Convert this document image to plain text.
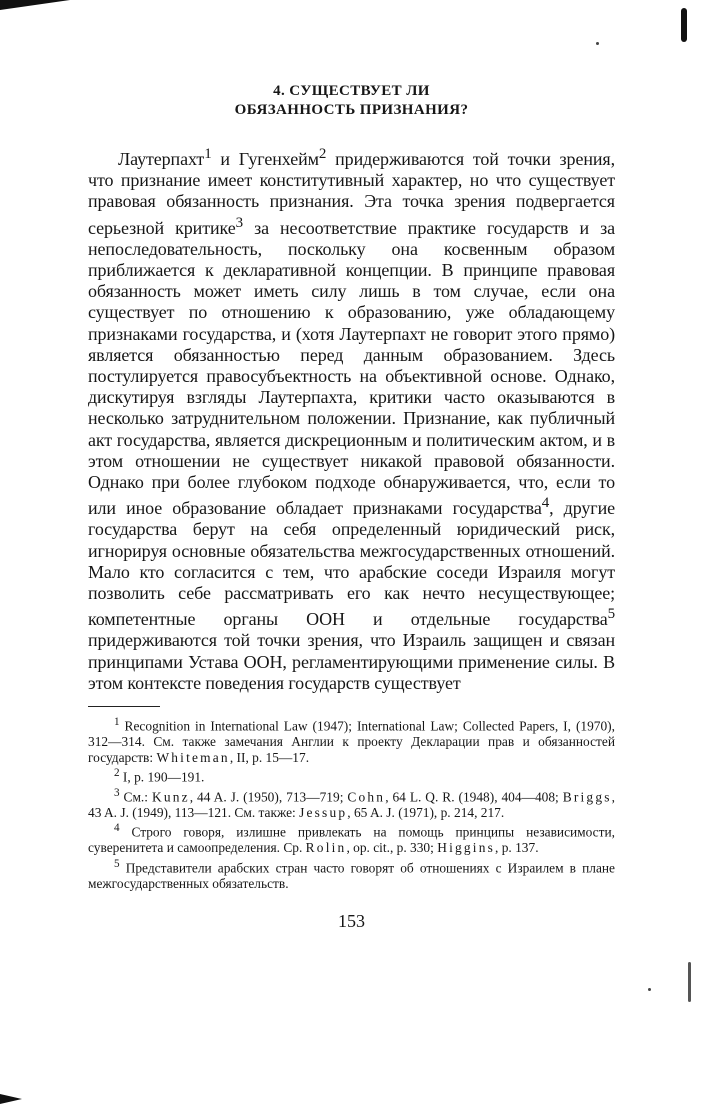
4. СУЩЕСТВУЕТ ЛИ
ОБЯЗАННОСТЬ ПРИЗНАНИЯ?

Лаутерпахт$^1$ и Гугенхейм$^2$ придерживаются той точки зрения, что признание имеет конститутивный характер, но что существует правовая обязанность признания. Эта точка зрения подвергается серьезной критике$^3$ за несоответствие практике государств и за непоследовательность, поскольку она косвенным образом приближается к декларативной концепции. В принципе правовая обязанность может иметь силу лишь в том случае, если она существует по отношению к образованию, уже обладающему признаками государства, и (хотя Лаутерпахт не говорит этого прямо) является обязанностью перед данным образованием. Здесь постулируется правосубъектность на объективной основе. Однако, дискутируя взгляды Лаутерпахта, критики часто оказываются в несколько затруднительном положении. Признание, как публичный акт государства, является дискреционным и политическим актом, и в этом отношении не существует никакой правовой обязанности. Однако при более глубоком подходе обнаруживается, что, если то или иное образование обладает признаками государства$^4$, другие государства берут на себя определенный юридический риск, игнорируя основные обязательства межгосударственных отношений. Мало кто согласится с тем, что арабские соседи Израиля могут позволить себе рассматривать его как нечто несуществующее; компетентные органы ООН и отдельные государства$^5$ придерживаются той точки зрения, что Израиль защищен и связан принципами Устава ООН, регламентирующими применение силы. В этом контексте поведения государств существует

$^1$ Recognition in International Law (1947); International Law; Collected Papers, I, (1970), 312—314. См. также замечания Англии к проекту Декларации прав и обязанностей государств: Whiteman, II, p. 15—17.

$^2$ I, p. 190—191.

$^3$ См.: Kunz, 44 A. J. (1950), 713—719; Cohn, 64 L. Q. R. (1948), 404—408; Briggs, 43 A. J. (1949), 113—121. См. также: Jessup, 65 A. J. (1971), p. 214, 217.

$^4$ Строго говоря, излишне привлекать на помощь принципы независимости, суверенитета и самоопределения. Ср. Rolin, op. cit., p. 330; Higgins, p. 137.

$^5$ Представители арабских стран часто говорят об отношениях с Израилем в плане межгосударственных обязательств.

153
